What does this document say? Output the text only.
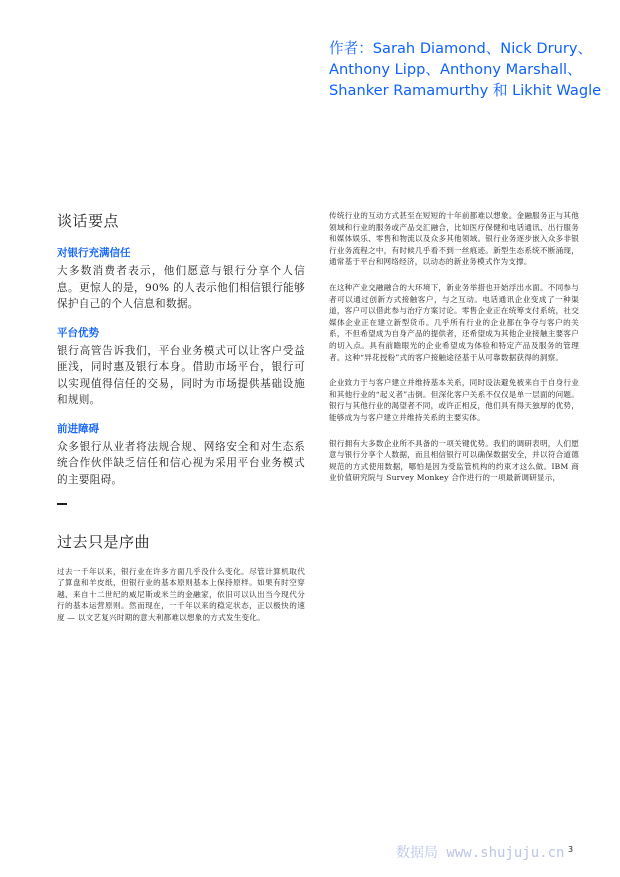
作者：Sarah Diamond、Nick Drury、Anthony Lipp、Anthony Marshall、Shanker Ramamurthy 和 Likhit Wagle
谈话要点
对银行充满信任

大多数消费者表示，他们愿意与银行分享个人信息。更惊人的是，90% 的人表示他们相信银行能够保护自己的个人信息和数据。

平台优势

银行高管告诉我们，平台业务模式可以让客户受益匪浅，同时惠及银行本身。借助市场平台，银行可以实现值得信任的交易，同时为市场提供基础设施和规则。

前进障碍

众多银行从业者将法规合规、网络安全和对生态系统合作伙伴缺乏信任和信心视为采用平台业务模式的主要阻碍。

过去只是序曲

过去一千年以来，银行业在许多方面几乎没什么变化。尽管计算机取代了算盘和羊皮纸，但银行业的基本原则基本上保持原样。如果有时空穿越、来自十二世纪的威尼斯或米兰的金融家，依旧可以认出当今现代分行的基本运营原则。然而现在，一千年以来的稳定状态，正以极快的速度 — 以文艺复兴时期的意大利都难以想象的方式发生变化。

传统行业的互动方式甚至在短短的十年前都难以想象。金融服务正与其他领域和行业的服务或产品交汇融合，比如医疗保健和电话通讯、出行服务和媒体娱乐、零售和物流以及众多其他领域。银行业务逐步嵌入众多非银行业务流程之中，有时候几乎看不到一丝痕迹。新型生态系统不断涌现，通常基于平台和网络经济，以动态的新业务模式作为支撑。

在这种产业交融融合的大环境下，新业务举措也开始浮出水面。不同参与者可以通过创新方式接触客户，与之互动。电话通讯企业变成了一种渠道，客户可以借此参与治疗方案讨论。零售企业正在统筹支付系统，社交媒体企业正在建立新型货币。几乎所有行业的企业都在争夺与客户的关系，不但希望成为自身产品的提供者，还希望成为其他企业接触主要客户的切入点。具有前瞻眼光的企业希望成为体验和特定产品及服务的管理者。这种“异花授粉”式的客户接触途径基于从可靠数据获得的洞察。

企业致力于与客户建立并维持基本关系，同时设法避免被来自于自身行业和其他行业的“起义者”击倒。但深化客户关系不仅仅是单一层面的问题。银行与其他行业的渴望者不同，或许正相反，他们具有得天独厚的优势，能够成为与客户建立并维持关系的主要实体。

银行拥有大多数企业所不具备的一项关键优势。我们的调研表明，人们愿意与银行分享个人数据，而且相信银行可以确保数据安全，并以符合道德规范的方式使用数据，哪怕是因为受监管机构的约束才这么做。IBM 商业价值研究院与 Survey Monkey 合作进行的一项最新调研显示，

数据局 www.shujuju.cn 3
